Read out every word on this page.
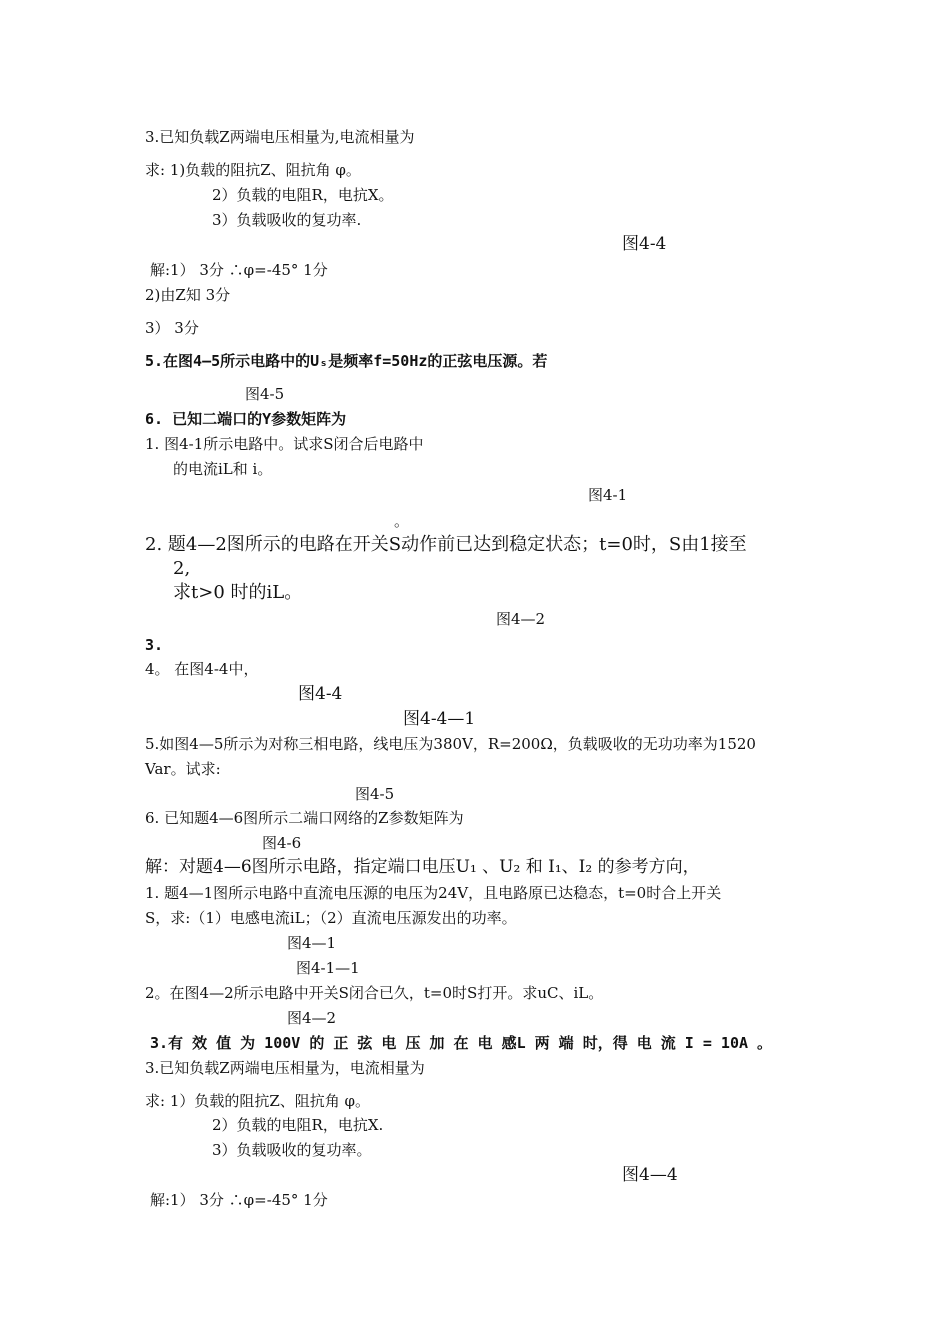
3.已知负载Z两端电压相量为,电流相量为
求: 1)负载的阻抗Z、阻抗角 φ。
2）负载的电阻R，电抗X。
3）负载吸收的复功率.
图4-4
解:1） 3分 ∴φ=-45° 1分
2)由Z知 3分
3） 3分
5.在图4—5所示电路中的Uₛ是频率f=50Hz的正弦电压源。若
图4-5
6. 已知二端口的Y参数矩阵为
1. 图4-1所示电路中。试求S闭合后电路中
的电流iL和 i。
图4-1
。
2. 题4—2图所示的电路在开关S动作前已达到稳定状态；t=0时，S由1接至
2,
求t>0 时的iL。
图4—2
3.
4。 在图4-4中，
图4-4
图4-4—1
5.如图4—5所示为对称三相电路，线电压为380V，R=200Ω，负载吸收的无功功率为1520
Var。试求:
图4-5
6. 已知题4—6图所示二端口网络的Z参数矩阵为
图4-6
解：对题4—6图所示电路，指定端口电压U₁ 、U₂ 和 I₁、I₂ 的参考方向，
1. 题4—1图所示电路中直流电压源的电压为24V，且电路原已达稳态，t=0时合上开关
S，求:（1）电感电流iL；（2）直流电压源发出的功率。
图4—1
图4-1—1
2。在图4—2所示电路中开关S闭合已久，t=0时S打开。求uC、iL。
图4—2
3.有 效 值 为 100V 的 正 弦 电 压 加 在 电 感L 两 端 时，得 电 流 I = 10A 。
3.已知负载Z两端电压相量为，电流相量为
求: 1）负载的阻抗Z、阻抗角 φ。
2）负载的电阻R，电抗X.
3）负载吸收的复功率。
图4—4
解:1） 3分 ∴φ=-45° 1分
